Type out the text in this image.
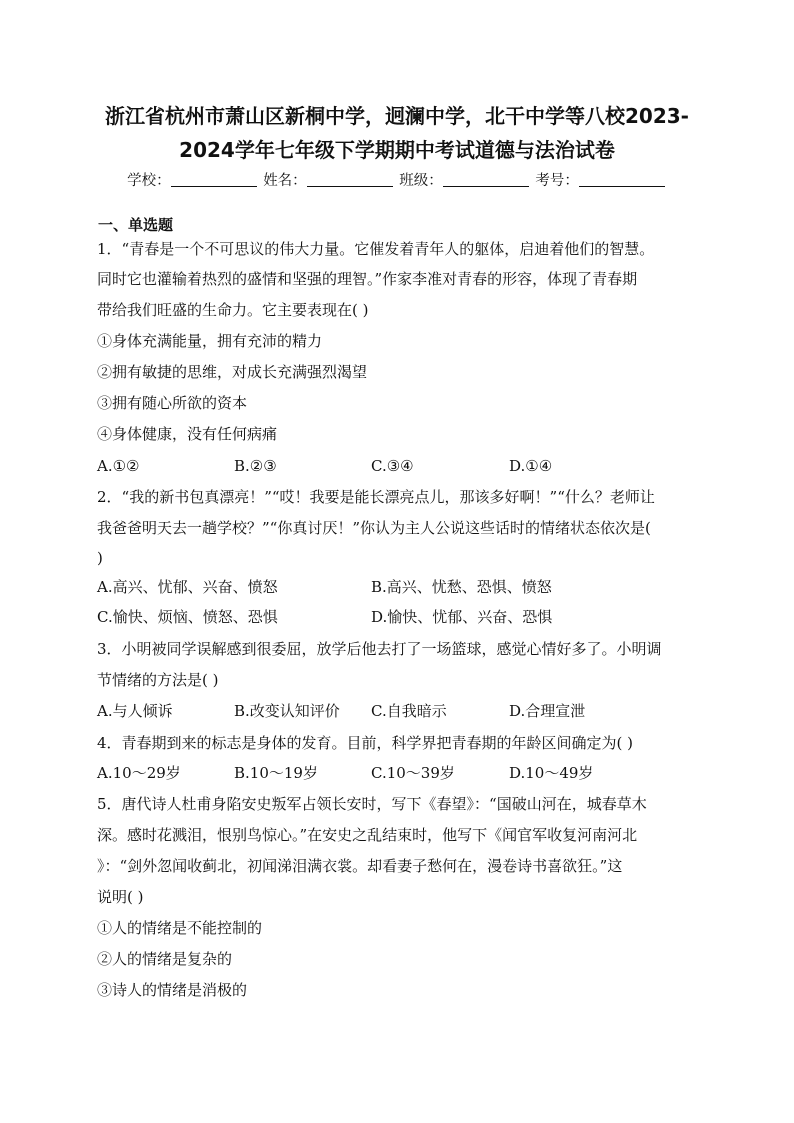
浙江省杭州市萧山区新桐中学，迥澜中学，北干中学等八校2023-
2024学年七年级下学期期中考试道德与法治试卷
学校：	姓名：	班级：	考号：
一、单选题
1．“青春是一个不可思议的伟大力量。它催发着青年人的躯体，启迪着他们的智慧。
同时它也灌输着热烈的盛情和坚强的理智。”作家李准对青春的形容，体现了青春期
带给我们旺盛的生命力。它主要表现在( )
①身体充满能量，拥有充沛的精力
②拥有敏捷的思维，对成长充满强烈渴望
③拥有随心所欲的资本
④身体健康，没有任何病痛
A.①②	B.②③	C.③④	D.①④
2．“我的新书包真漂亮！”“哎！我要是能长漂亮点儿，那该多好啊！”“什么？老师让
我爸爸明天去一趟学校？”“你真讨厌！”你认为主人公说这些话时的情绪状态依次是(
)
A.高兴、忧郁、兴奋、愤怒	B.高兴、忧愁、恐惧、愤怒
C.愉快、烦恼、愤怒、恐惧	D.愉快、忧郁、兴奋、恐惧
3．小明被同学误解感到很委屈，放学后他去打了一场篮球，感觉心情好多了。小明调
节情绪的方法是( )
A.与人倾诉	B.改变认知评价 C.自我暗示	D.合理宣泄
4．青春期到来的标志是身体的发育。目前，科学界把青春期的年龄区间确定为( )
A.10～29岁	B.10～19岁	C.10～39岁	D.10～49岁
5．唐代诗人杜甫身陷安史叛军占领长安时，写下《春望》：“国破山河在，城春草木
深。感时花溅泪，恨别鸟惊心。”在安史之乱结束时，他写下《闻官军收复河南河北
》：“剑外忽闻收蓟北，初闻涕泪满衣裳。却看妻子愁何在，漫卷诗书喜欲狂。”这
说明( )
①人的情绪是不能控制的
②人的情绪是复杂的
③诗人的情绪是消极的
